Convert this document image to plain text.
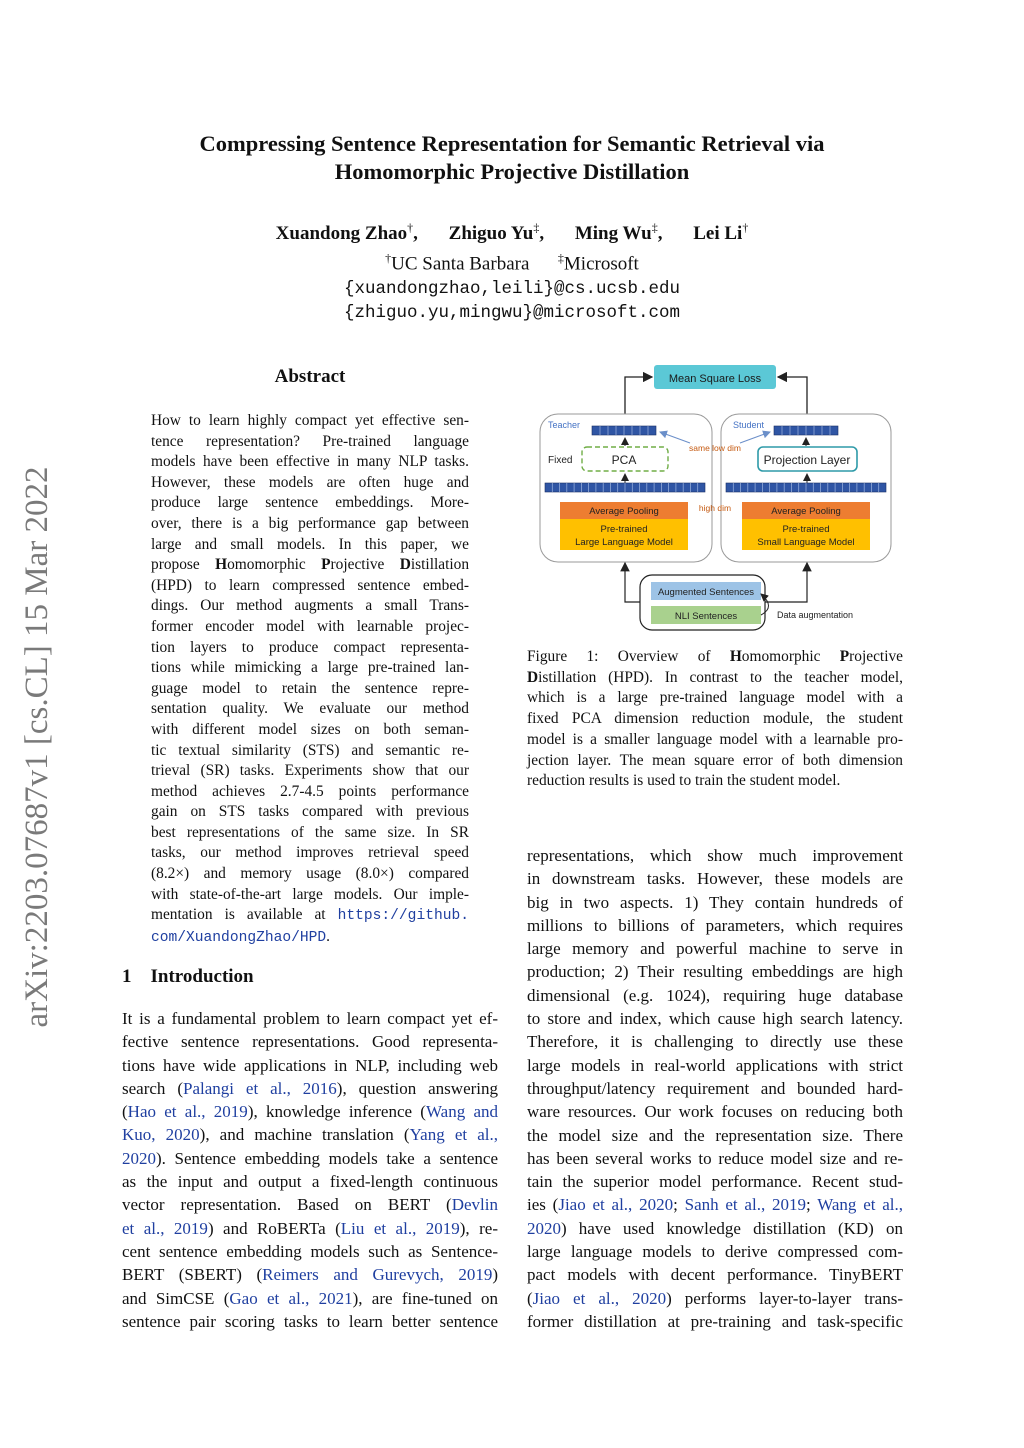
Compressing Sentence Representation for Semantic Retrieval via
Homomorphic Projective Distillation
Xuandong Zhao†, Zhiguo Yu‡, Ming Wu‡, Lei Li†
†UC Santa Barbara ‡Microsoft
{xuandongzhao,leili}@cs.ucsb.edu
{zhiguo.yu,mingwu}@microsoft.com
arXiv:2203.07687v1 [cs.CL] 15 Mar 2022
Abstract
How to learn highly compact yet effective sen-
tence representation? Pre-trained language
models have been effective in many NLP tasks.
However, these models are often huge and
produce large sentence embeddings. More-
over, there is a big performance gap between
large and small models. In this paper, we
propose Homomorphic Projective Distillation
(HPD) to learn compressed sentence embed-
dings. Our method augments a small Trans-
former encoder model with learnable projec-
tion layers to produce compact representa-
tions while mimicking a large pre-trained lan-
guage model to retain the sentence repre-
sentation quality. We evaluate our method
with different model sizes on both seman-
tic textual similarity (STS) and semantic re-
trieval (SR) tasks. Experiments show that our
method achieves 2.7-4.5 points performance
gain on STS tasks compared with previous
best representations of the same size. In SR
tasks, our method improves retrieval speed
(8.2×) and memory usage (8.0×) compared
with state-of-the-art large models. Our imple-
mentation is available at https://github.
com/XuandongZhao/HPD.
1 Introduction
It is a fundamental problem to learn compact yet ef-
fective sentence representations. Good representa-
tions have wide applications in NLP, including web
search (Palangi et al., 2016), question answering
(Hao et al., 2019), knowledge inference (Wang and
Kuo, 2020), and machine translation (Yang et al.,
2020). Sentence embedding models take a sentence
as the input and output a fixed-length continuous
vector representation. Based on BERT (Devlin
et al., 2019) and RoBERTa (Liu et al., 2019), re-
cent sentence embedding models such as Sentence-
BERT (SBERT) (Reimers and Gurevych, 2019)
and SimCSE (Gao et al., 2021), are fine-tuned on
sentence pair scoring tasks to learn better sentence
representations, which show much improvement
in downstream tasks. However, these models are
big in two aspects. 1) They contain hundreds of
millions to billions of parameters, which requires
large memory and powerful machine to serve in
production; 2) Their resulting embeddings are high
dimensional (e.g. 1024), requiring huge database
to store and index, which cause high search latency.
Therefore, it is challenging to directly use these
large models in real-world applications with strict
throughput/latency requirement and bounded hard-
ware resources. Our work focuses on reducing both
the model size and the representation size. There
has been several works to reduce model size and re-
tain the superior model performance. Recent stud-
ies (Jiao et al., 2020; Sanh et al., 2019; Wang et al.,
2020) have used knowledge distillation (KD) on
large language models to derive compressed com-
pact models with decent performance. TinyBERT
(Jiao et al., 2020) performs layer-to-layer trans-
former distillation at pre-training and task-specific
Figure 1: Overview of Homomorphic Projective
Distillation (HPD). In contrast to the teacher model,
which is a large pre-trained language model with a
fixed PCA dimension reduction module, the student
model is a smaller language model with a learnable pro-
jection layer. The mean square error of both dimension
reduction results is used to train the student model.
Mean Square Loss
Teacher	Student
same low dim
Fixed	PCA	Projection Layer
high dim
Average Pooling	Average Pooling
Pre-trained
Large Language Model
Pre-trained
Small Language Model
Augmented Sentences
NLI Sentences	Data augmentation
